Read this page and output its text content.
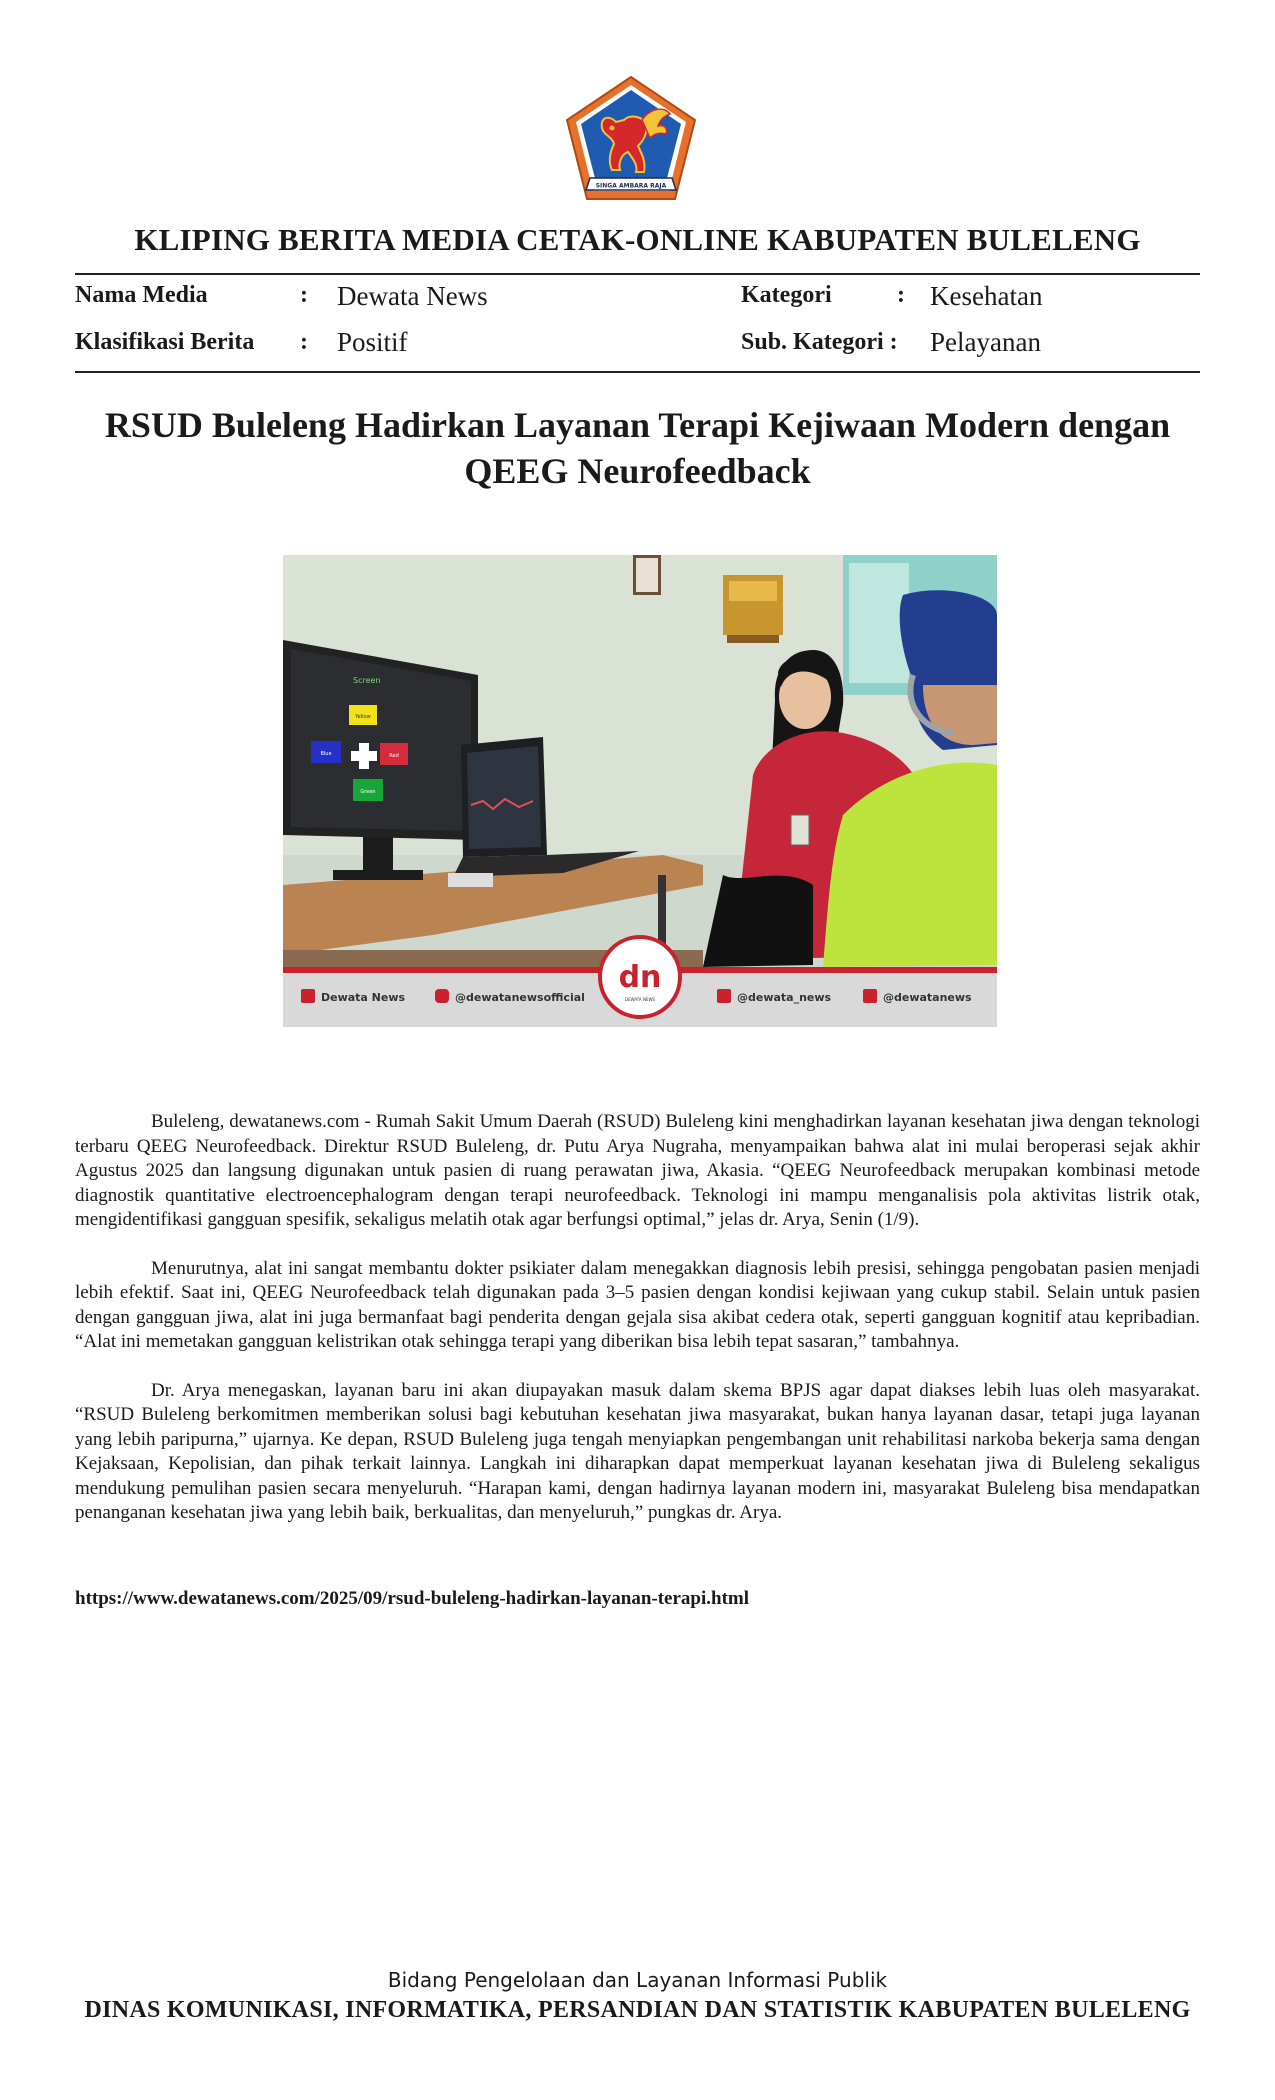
SINGA AMBARA RAJA
KLIPING BERITA MEDIA CETAK-ONLINE KABUPATEN BULELENG
Nama Media	: Dewata News
Klasifikasi Berita : Positif
Kategori	: Kesehatan
Sub. Kategori : Pelayanan
RSUD Buleleng Hadirkan Layanan Terapi Kejiwaan Modern dengan QEEG Neurofeedback
Screen
Yellow
Blue	Red
Green
Dewata News	@dewatanewsofficial
dn
DEWATA NEWS	@dewata_news	@dewatanews

Buleleng, dewatanews.com - Rumah Sakit Umum Daerah (RSUD) Buleleng kini menghadirkan layanan kesehatan jiwa dengan teknologi terbaru QEEG Neurofeedback. Direktur RSUD Buleleng, dr. Putu Arya Nugraha, menyampaikan bahwa alat ini mulai beroperasi sejak akhir Agustus 2025 dan langsung digunakan untuk pasien di ruang perawatan jiwa, Akasia. “QEEG Neurofeedback merupakan kombinasi metode diagnostik quantitative electroencephalogram dengan terapi neurofeedback. Teknologi ini mampu menganalisis pola aktivitas listrik otak, mengidentifikasi gangguan spesifik, sekaligus melatih otak agar berfungsi optimal,” jelas dr. Arya, Senin (1/9).

Menurutnya, alat ini sangat membantu dokter psikiater dalam menegakkan diagnosis lebih presisi, sehingga pengobatan pasien menjadi lebih efektif. Saat ini, QEEG Neurofeedback telah digunakan pada 3–5 pasien dengan kondisi kejiwaan yang cukup stabil. Selain untuk pasien dengan gangguan jiwa, alat ini juga bermanfaat bagi penderita dengan gejala sisa akibat cedera otak, seperti gangguan kognitif atau kepribadian. “Alat ini memetakan gangguan kelistrikan otak sehingga terapi yang diberikan bisa lebih tepat sasaran,” tambahnya.

Dr. Arya menegaskan, layanan baru ini akan diupayakan masuk dalam skema BPJS agar dapat diakses lebih luas oleh masyarakat. “RSUD Buleleng berkomitmen memberikan solusi bagi kebutuhan kesehatan jiwa masyarakat, bukan hanya layanan dasar, tetapi juga layanan yang lebih paripurna,” ujarnya. Ke depan, RSUD Buleleng juga tengah menyiapkan pengembangan unit rehabilitasi narkoba bekerja sama dengan Kejaksaan, Kepolisian, dan pihak terkait lainnya. Langkah ini diharapkan dapat memperkuat layanan kesehatan jiwa di Buleleng sekaligus mendukung pemulihan pasien secara menyeluruh. “Harapan kami, dengan hadirnya layanan modern ini, masyarakat Buleleng bisa mendapatkan penanganan kesehatan jiwa yang lebih baik, berkualitas, dan menyeluruh,” pungkas dr. Arya.

https://www.dewatanews.com/2025/09/rsud-buleleng-hadirkan-layanan-terapi.html
Bidang Pengelolaan dan Layanan Informasi Publik
DINAS KOMUNIKASI, INFORMATIKA, PERSANDIAN DAN STATISTIK KABUPATEN BULELENG
